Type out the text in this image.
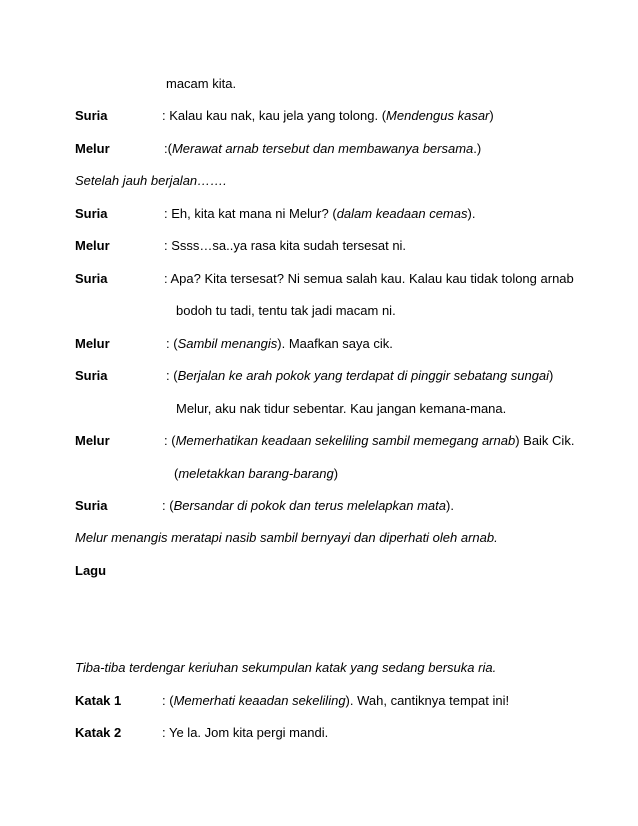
macam kita.
Suria	: Kalau kau nak, kau jela yang tolong. (Mendengus kasar)
Melur	:(Merawat arnab tersebut dan membawanya bersama.)
Setelah jauh berjalan…….
Suria	: Eh, kita kat mana ni Melur? (dalam keadaan cemas).
Melur	: Ssss…sa..ya rasa kita sudah tersesat ni.
Suria	: Apa? Kita tersesat? Ni semua salah kau. Kalau kau tidak tolong arnab
bodoh tu tadi, tentu tak jadi macam ni.
Melur	: (Sambil menangis). Maafkan saya cik.
Suria	: (Berjalan ke arah pokok yang terdapat di pinggir sebatang sungai)
Melur, aku nak tidur sebentar. Kau jangan kemana-mana.
Melur	: (Memerhatikan keadaan sekeliling sambil memegang arnab) Baik Cik.
(meletakkan barang-barang)
Suria	: (Bersandar di pokok dan terus melelapkan mata).
Melur menangis meratapi nasib sambil bernyayi dan diperhati oleh arnab.
Lagu
Tiba-tiba terdengar keriuhan sekumpulan katak yang sedang bersuka ria.
Katak 1	: (Memerhati keaadan sekeliling). Wah, cantiknya tempat ini!
Katak 2	: Ye la. Jom kita pergi mandi.
